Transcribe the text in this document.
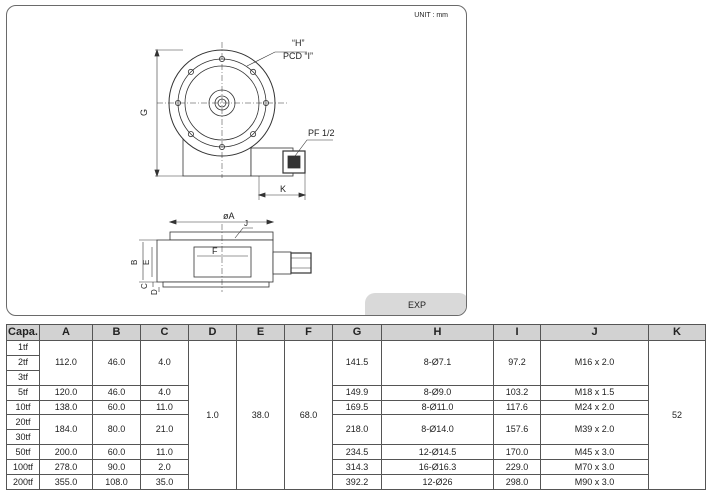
UNIT : mm
“H”
PCD “I”
PF 1/2
G
K
øA
J
F
B E
C
D
EXP
Capa.	A	B	C	D	E	F	G	H	I	J	K
1tf	112.0	46.0	4.0	1.0	38.0	68.0	141.5	8-Ø7.1	97.2	M16 x 2.0	52
2tf											
3tf											
5tf	120.0	46.0	4.0				149.9	8-Ø9.0	103.2	M18 x 1.5	
10tf	138.0	60.0	11.0				169.5	8-Ø11.0	117.6	M24 x 2.0	
20tf	184.0	80.0	21.0				218.0	8-Ø14.0	157.6	M39 x 2.0	
30tf											
50tf	200.0	60.0	11.0				234.5	12-Ø14.5	170.0	M45 x 3.0	
100tf	278.0	90.0	2.0				314.3	16-Ø16.3	229.0	M70 x 3.0	
200tf	355.0	108.0	35.0				392.2	12-Ø26	298.0	M90 x 3.0	
